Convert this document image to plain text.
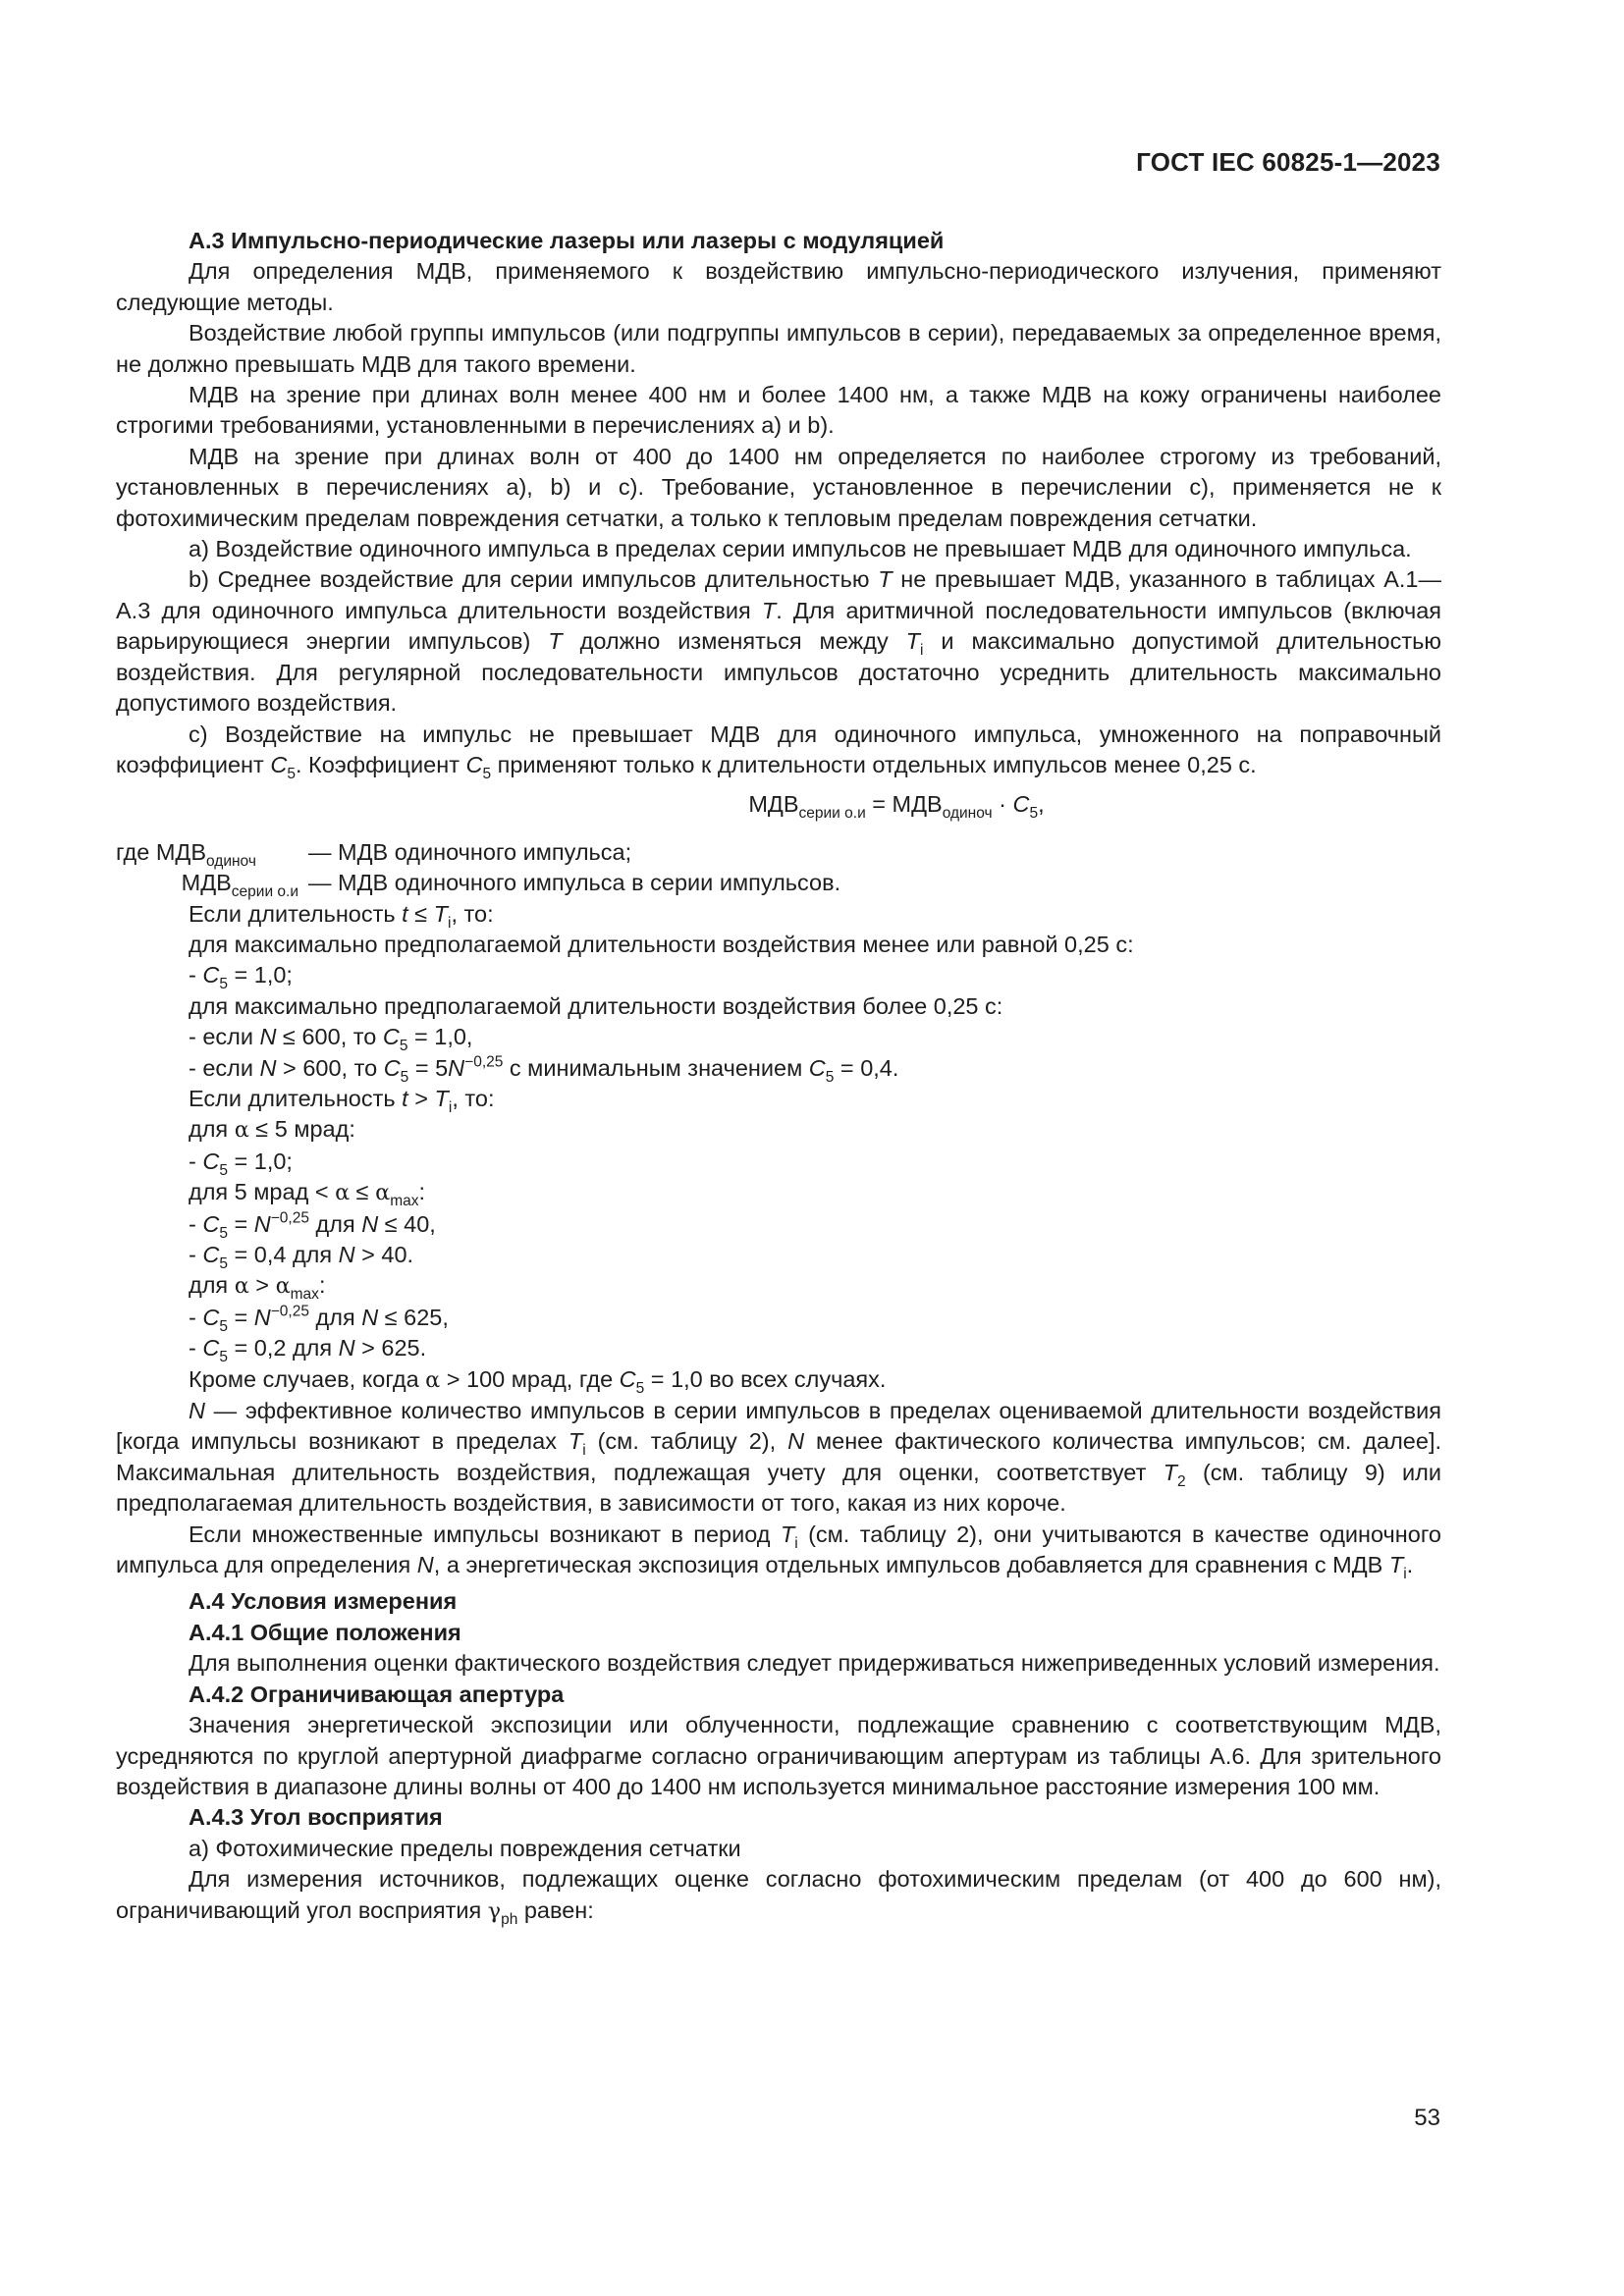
ГОСТ IEC 60825-1—2023

А.3 Импульсно-периодические лазеры или лазеры с модуляцией

Для определения МДВ, применяемого к воздействию импульсно-периодического излучения, применяют следующие методы.

Воздействие любой группы импульсов (или подгруппы импульсов в серии), передаваемых за определенное время, не должно превышать МДВ для такого времени.

МДВ на зрение при длинах волн менее 400 нм и более 1400 нм, а также МДВ на кожу ограничены наиболее строгими требованиями, установленными в перечислениях а) и b).

МДВ на зрение при длинах волн от 400 до 1400 нм определяется по наиболее строгому из требований, установленных в перечислениях а), b) и c). Требование, установленное в перечислении c), применяется не к фотохимическим пределам повреждения сетчатки, а только к тепловым пределам повреждения сетчатки.

a) Воздействие одиночного импульса в пределах серии импульсов не превышает МДВ для одиночного импульса.

b) Среднее воздействие для серии импульсов длительностью T не превышает МДВ, указанного в таблицах А.1—А.3 для одиночного импульса длительности воздействия T. Для аритмичной последовательности импульсов (включая варьирующиеся энергии импульсов) T должно изменяться между $T_i$ и максимально допустимой длительностью воздействия. Для регулярной последовательности импульсов достаточно усреднить длительность максимально допустимого воздействия.

c) Воздействие на импульс не превышает МДВ для одиночного импульса, умноженного на поправочный коэффициент $C_5$. Коэффициент $C_5$ применяют только к длительности отдельных импульсов менее 0,25 с.

$МДВ_{серии о.и} = МДВ_{одиноч} \cdot C_5$,

где $МДВ_{одиноч}$	— МДВ одиночного импульса;
$МДВ_{серии о.и}$ — МДВ одиночного импульса в серии импульсов.

Если длительность $t \le T_i$, то:

для максимально предполагаемой длительности воздействия менее или равной 0,25 с:

- $C_5 = 1,0$;

для максимально предполагаемой длительности воздействия более 0,25 с:

- если N ≤ 600, то $C_5 = 1,0$,

- если N > 600, то $C_5 = 5N^{-0,25}$ с минимальным значением $C_5 = 0,4$.

Если длительность $t > T_i$, то:

для α ≤ 5 мрад:

- $C_5 = 1,0$;

для 5 мрад < $\alpha \le \alpha_{max}$:

- $C_5 = N^{-0,25}$ для N ≤ 40,

- $C_5 = 0,4$ для N > 40.

для $\alpha > \alpha_{max}$:

- $C_5 = N^{-0,25}$ для N ≤ 625,

- $C_5 = 0,2$ для N > 625.

Кроме случаев, когда α > 100 мрад, где $C_5 = 1,0$ во всех случаях.

N — эффективное количество импульсов в серии импульсов в пределах оцениваемой длительности воздействия [когда импульсы возникают в пределах $T_i$ (см. таблицу 2), N менее фактического количества импульсов; см. далее]. Максимальная длительность воздействия, подлежащая учету для оценки, соответствует $T_2$ (см. таблицу 9) или предполагаемая длительность воздействия, в зависимости от того, какая из них короче.

Если множественные импульсы возникают в период $T_i$ (см. таблицу 2), они учитываются в качестве одиночного импульса для определения N, а энергетическая экспозиция отдельных импульсов добавляется для сравнения с МДВ $T_i$.

А.4 Условия измерения

А.4.1 Общие положения

Для выполнения оценки фактического воздействия следует придерживаться нижеприведенных условий измерения.

А.4.2 Ограничивающая апертура

Значения энергетической экспозиции или облученности, подлежащие сравнению с соответствующим МДВ, усредняются по круглой апертурной диафрагме согласно ограничивающим апертурам из таблицы А.6. Для зрительного воздействия в диапазоне длины волны от 400 до 1400 нм используется минимальное расстояние измерения 100 мм.

А.4.3 Угол восприятия

a) Фотохимические пределы повреждения сетчатки

Для измерения источников, подлежащих оценке согласно фотохимическим пределам (от 400 до 600 нм), ограничивающий угол восприятия $\gamma_{ph}$ равен:

53
